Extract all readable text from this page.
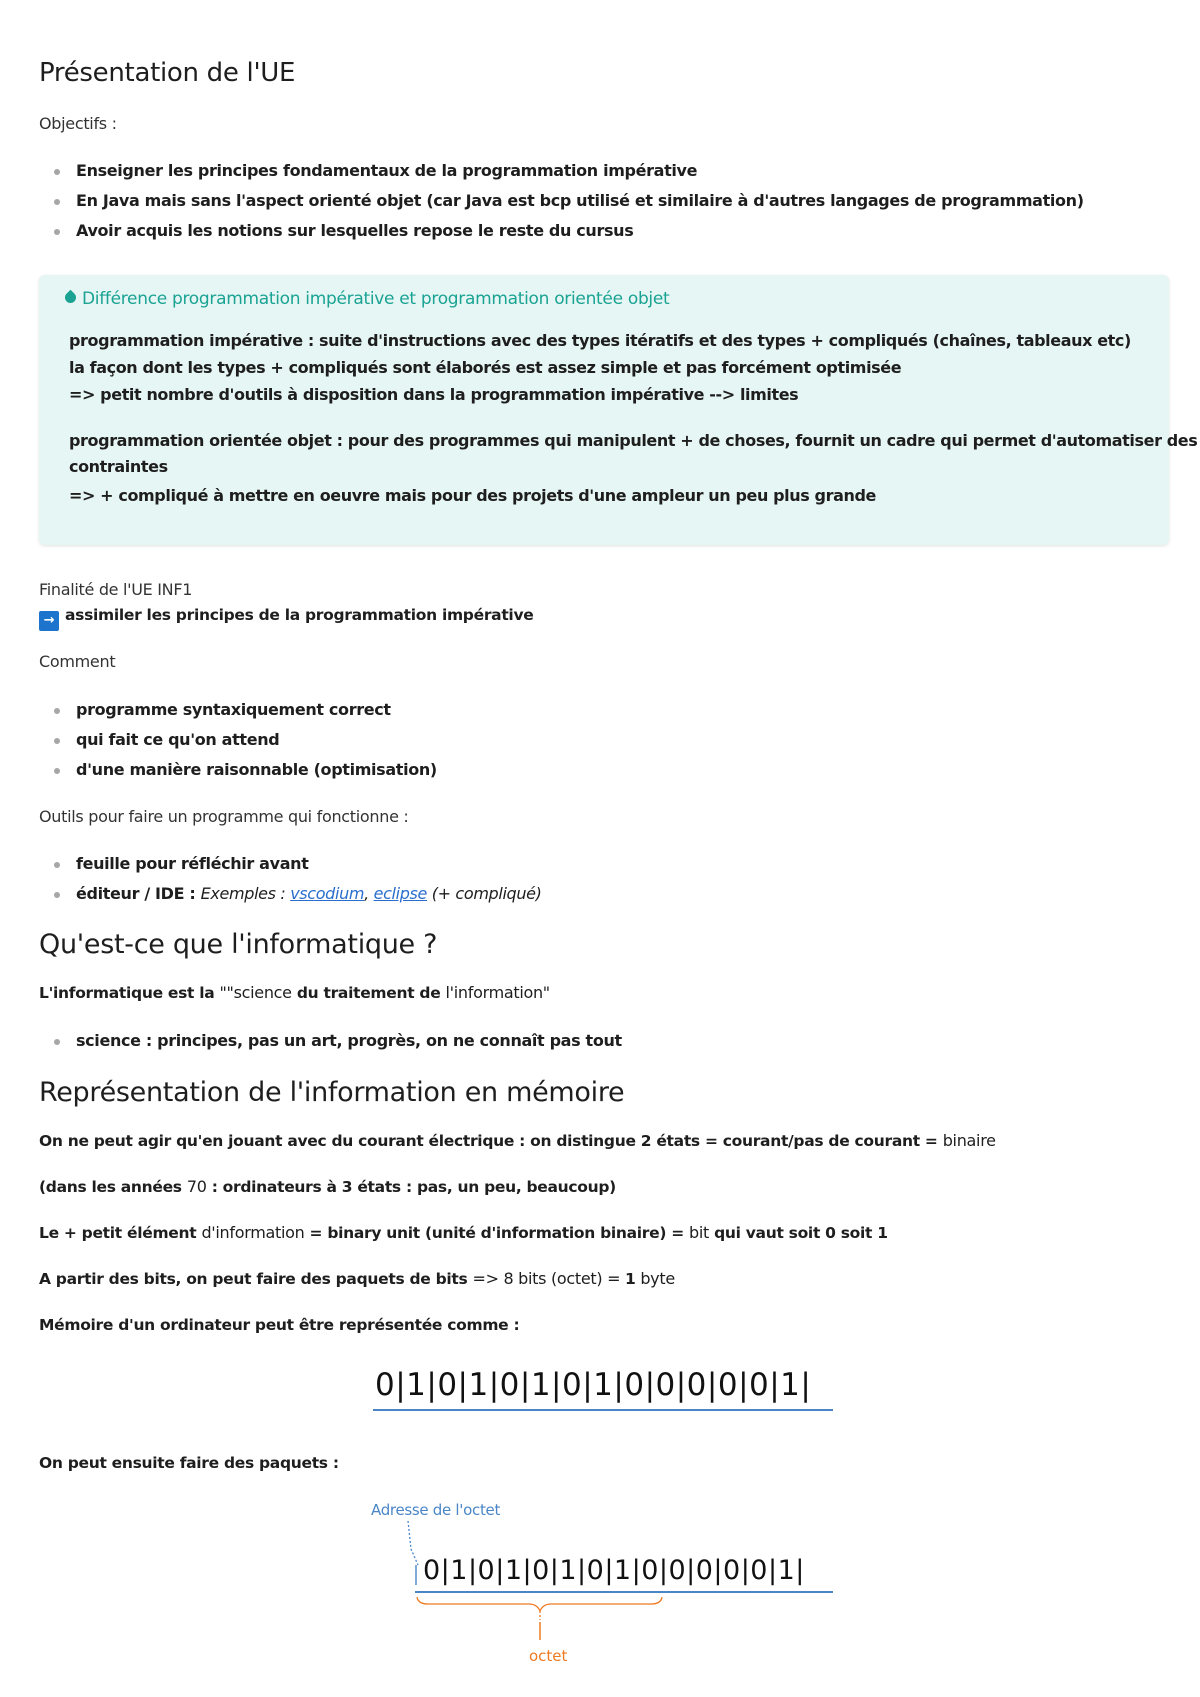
Présentation de l'UE
Objectifs :
Enseigner les principes fondamentaux de la programmation impérative
En Java mais sans l'aspect orienté objet (car Java est bcp utilisé et similaire à d'autres langages de programmation)
Avoir acquis les notions sur lesquelles repose le reste du cursus
Différence programmation impérative et programmation orientée objet
programmation impérative : suite d'instructions avec des types itératifs et des types + compliqués (chaînes, tableaux etc)
la façon dont les types + compliqués sont élaborés est assez simple et pas forcément optimisée
=> petit nombre d'outils à disposition dans la programmation impérative --> limites
programmation orientée objet : pour des programmes qui manipulent + de choses, fournit un cadre qui permet d'automatiser des
contraintes
=> + compliqué à mettre en oeuvre mais pour des projets d'une ampleur un peu plus grande
Finalité de l'UE INF1
→ assimiler les principes de la programmation impérative
Comment
programme syntaxiquement correct
qui fait ce qu'on attend
d'une manière raisonnable (optimisation)
Outils pour faire un programme qui fonctionne :
feuille pour réfléchir avant
éditeur / IDE : Exemples : vscodium, eclipse (+ compliqué)
Qu'est-ce que l'informatique ?
L'informatique est la ""science du traitement de l'information"
science : principes, pas un art, progrès, on ne connaît pas tout
Représentation de l'information en mémoire
On ne peut agir qu'en jouant avec du courant électrique : on distingue 2 états = courant/pas de courant = binaire
(dans les années 70 : ordinateurs à 3 états : pas, un peu, beaucoup)
Le + petit élément d'information = binary unit (unité d'information binaire) = bit qui vaut soit 0 soit 1
A partir des bits, on peut faire des paquets de bits => 8 bits (octet) = 1 byte
Mémoire d'un ordinateur peut être représentée comme :
0|1|0|1|0|1|0|1|0|0|0|0|0|1|
On peut ensuite faire des paquets :
Adresse de l'octet
0|1|0|1|0|1|0|1|0|0|0|0|0|1|
octet
